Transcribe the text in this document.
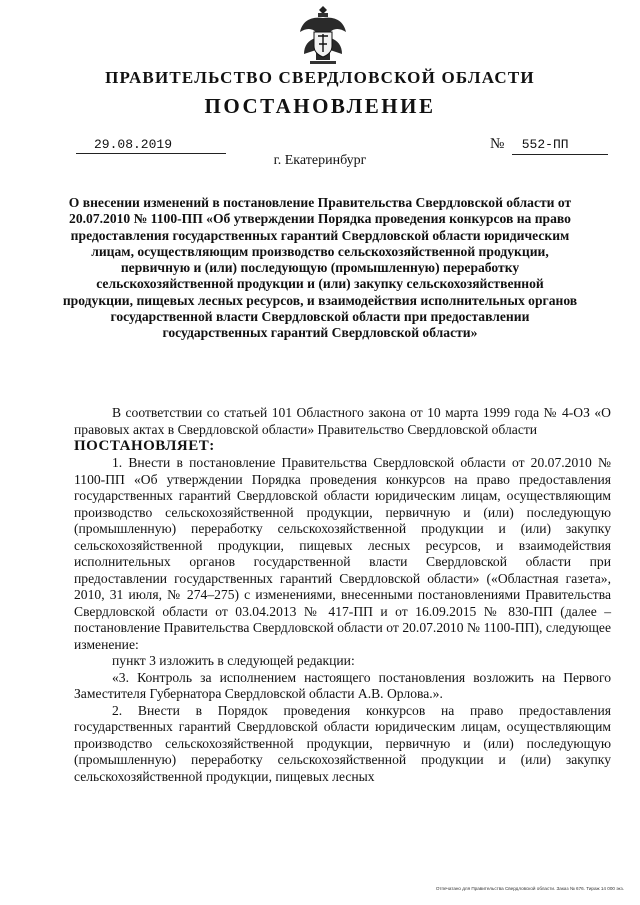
ПРАВИТЕЛЬСТВО СВЕРДЛОВСКОЙ ОБЛАСТИ
ПОСТАНОВЛЕНИЕ
29.08.2019	№ 552-ПП
г. Екатеринбург
О внесении изменений в постановление Правительства Свердловской области от 20.07.2010 № 1100-ПП «Об утверждении Порядка проведения конкурсов на право предоставления государственных гарантий Свердловской области юридическим лицам, осуществляющим производство сельскохозяйственной продукции, первичную и (или) последующую (промышленную) переработку сельскохозяйственной продукции и (или) закупку сельскохозяйственной продукции, пищевых лесных ресурсов, и взаимодействия исполнительных органов государственной власти Свердловской области при предоставлении государственных гарантий Свердловской области»

В соответствии со статьей 101 Областного закона от 10 марта 1999 года № 4-ОЗ «О правовых актах в Свердловской области» Правительство Свердловской области

ПОСТАНОВЛЯЕТ:

1. Внести в постановление Правительства Свердловской области от 20.07.2010 № 1100-ПП «Об утверждении Порядка проведения конкурсов на право предоставления государственных гарантий Свердловской области юридическим лицам, осуществляющим производство сельскохозяйственной продукции, первичную и (или) последующую (промышленную) переработку сельскохозяйственной продукции и (или) закупку сельскохозяйственной продукции, пищевых лесных ресурсов, и взаимодействия исполнительных органов государственной власти Свердловской области при предоставлении государственных гарантий Свердловской области» («Областная газета», 2010, 31 июля, № 274–275) с изменениями, внесенными постановлениями Правительства Свердловской области от 03.04.2013 № 417-ПП и от 16.09.2015 № 830-ПП (далее – постановление Правительства Свердловской области от 20.07.2010 № 1100-ПП), следующее изменение:

пункт 3 изложить в следующей редакции:

«3. Контроль за исполнением настоящего постановления возложить на Первого Заместителя Губернатора Свердловской области А.В. Орлова.».

2. Внести в Порядок проведения конкурсов на право предоставления государственных гарантий Свердловской области юридическим лицам, осуществляющим производство сельскохозяйственной продукции, первичную и (или) последующую (промышленную) переработку сельскохозяйственной продукции и (или) закупку сельскохозяйственной продукции, пищевых лесных

Отпечатано для Правительства Свердловской области. Заказ № 676. Тираж 14 000 экз.
